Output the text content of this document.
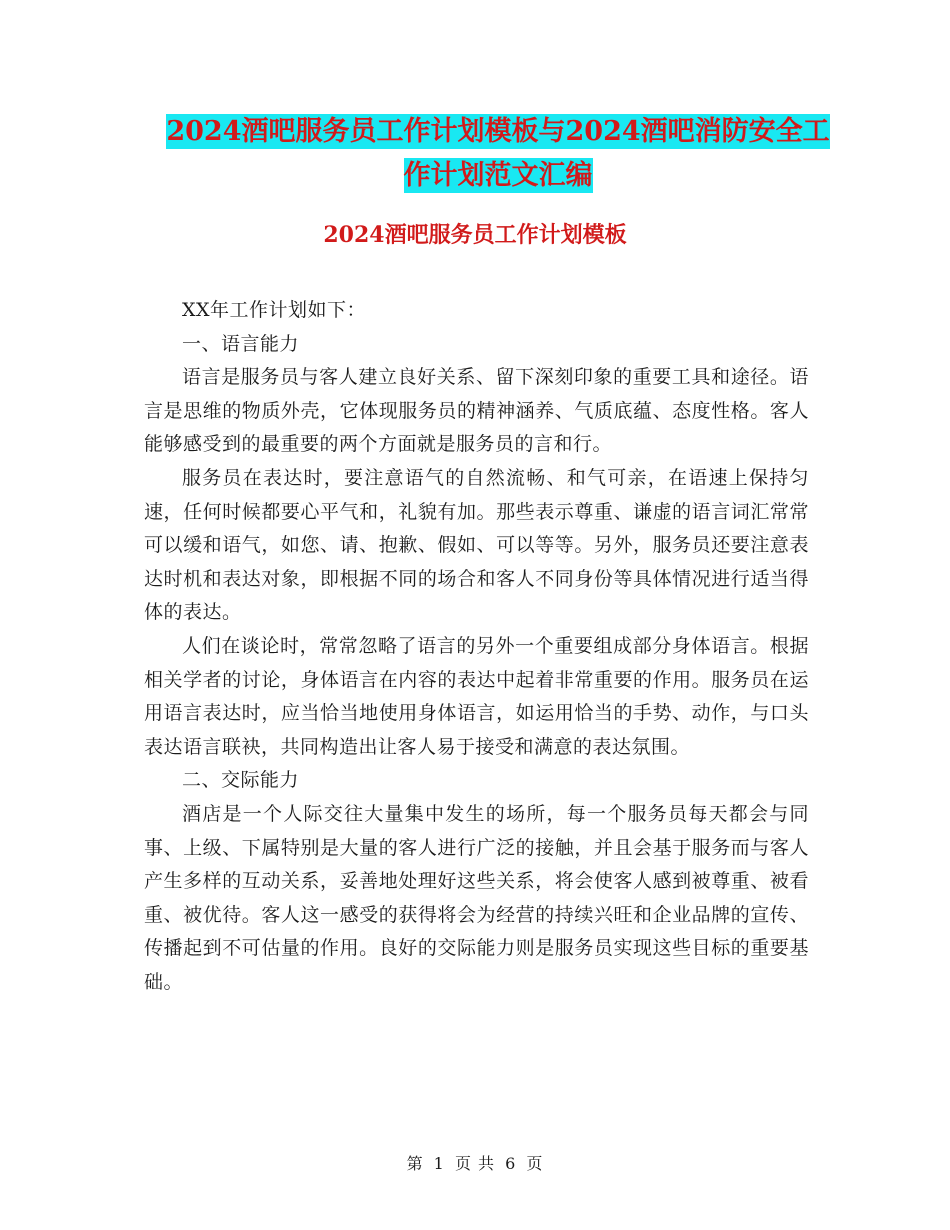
2024酒吧服务员工作计划模板与2024酒吧消防安全工
作计划范文汇编
2024酒吧服务员工作计划模板

XX年工作计划如下：

一、语言能力

语言是服务员与客人建立良好关系、留下深刻印象的重要工具和途径。语言是思维的物质外壳，它体现服务员的精神涵养、气质底蕴、态度性格。客人能够感受到的最重要的两个方面就是服务员的言和行。

服务员在表达时，要注意语气的自然流畅、和气可亲，在语速上保持匀速，任何时候都要心平气和，礼貌有加。那些表示尊重、谦虚的语言词汇常常可以缓和语气，如您、请、抱歉、假如、可以等等。另外，服务员还要注意表达时机和表达对象，即根据不同的场合和客人不同身份等具体情况进行适当得体的表达。

人们在谈论时，常常忽略了语言的另外一个重要组成部分身体语言。根据相关学者的讨论，身体语言在内容的表达中起着非常重要的作用。服务员在运用语言表达时，应当恰当地使用身体语言，如运用恰当的手势、动作，与口头表达语言联袂，共同构造出让客人易于接受和满意的表达氛围。

二、交际能力

酒店是一个人际交往大量集中发生的场所，每一个服务员每天都会与同事、上级、下属特别是大量的客人进行广泛的接触，并且会基于服务而与客人产生多样的互动关系，妥善地处理好这些关系，将会使客人感到被尊重、被看重、被优待。客人这一感受的获得将会为经营的持续兴旺和企业品牌的宣传、传播起到不可估量的作用。良好的交际能力则是服务员实现这些目标的重要基础。

第 1 页 共 6 页
